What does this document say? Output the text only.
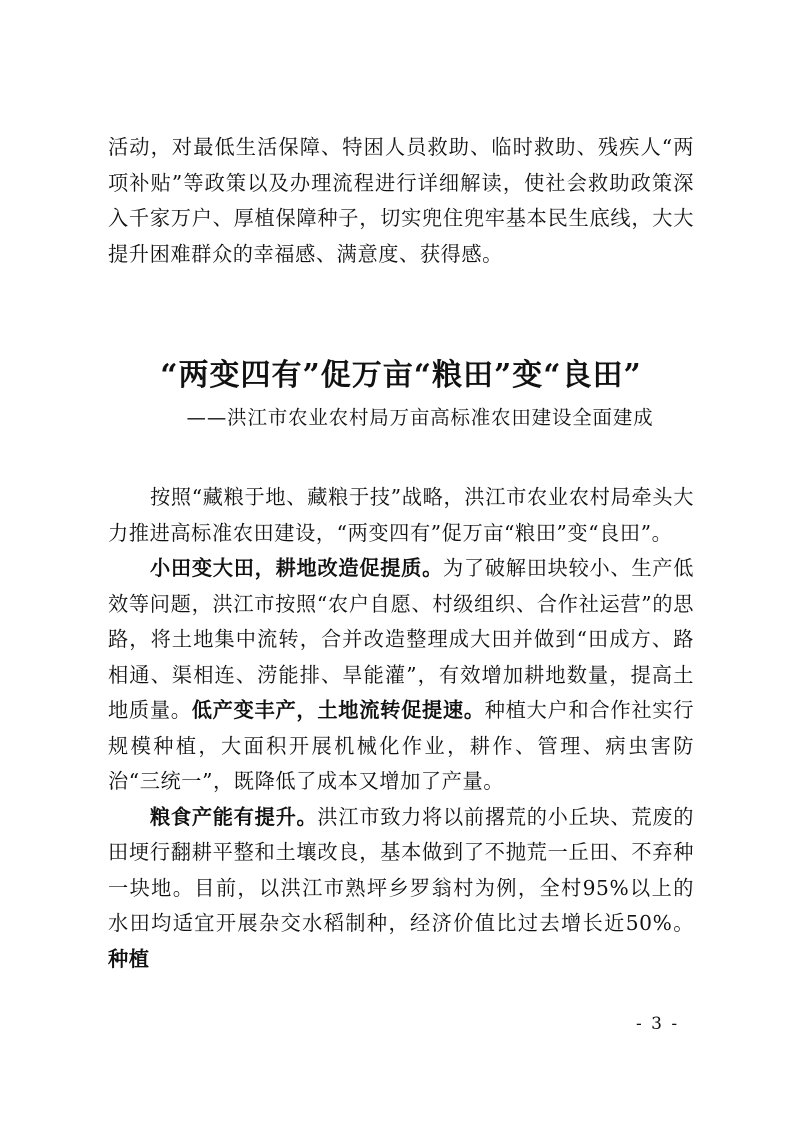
活动，对最低生活保障、特困人员救助、临时救助、残疾人“两项补贴”等政策以及办理流程进行详细解读，使社会救助政策深入千家万户、厚植保障种子，切实兜住兜牢基本民生底线，大大提升困难群众的幸福感、满意度、获得感。

“两变四有”促万亩“粮田”变“良田”
——洪江市农业农村局万亩高标准农田建设全面建成

按照“藏粮于地、藏粮于技”战略，洪江市农业农村局牵头大力推进高标准农田建设，“两变四有”促万亩“粮田”变“良田”。

小田变大田，耕地改造促提质。为了破解田块较小、生产低效等问题，洪江市按照“农户自愿、村级组织、合作社运营”的思路，将土地集中流转，合并改造整理成大田并做到“田成方、路相通、渠相连、涝能排、旱能灌”，有效增加耕地数量，提高土地质量。低产变丰产，土地流转促提速。种植大户和合作社实行规模种植，大面积开展机械化作业，耕作、管理、病虫害防治“三统一”，既降低了成本又增加了产量。

粮食产能有提升。洪江市致力将以前撂荒的小丘块、荒废的田埂行翻耕平整和土壤改良，基本做到了不抛荒一丘田、不弃种一块地。目前，以洪江市熟坪乡罗翁村为例，全村95%以上的水田均适宜开展杂交水稻制种，经济价值比过去增长近50%。种植

- 3 -
